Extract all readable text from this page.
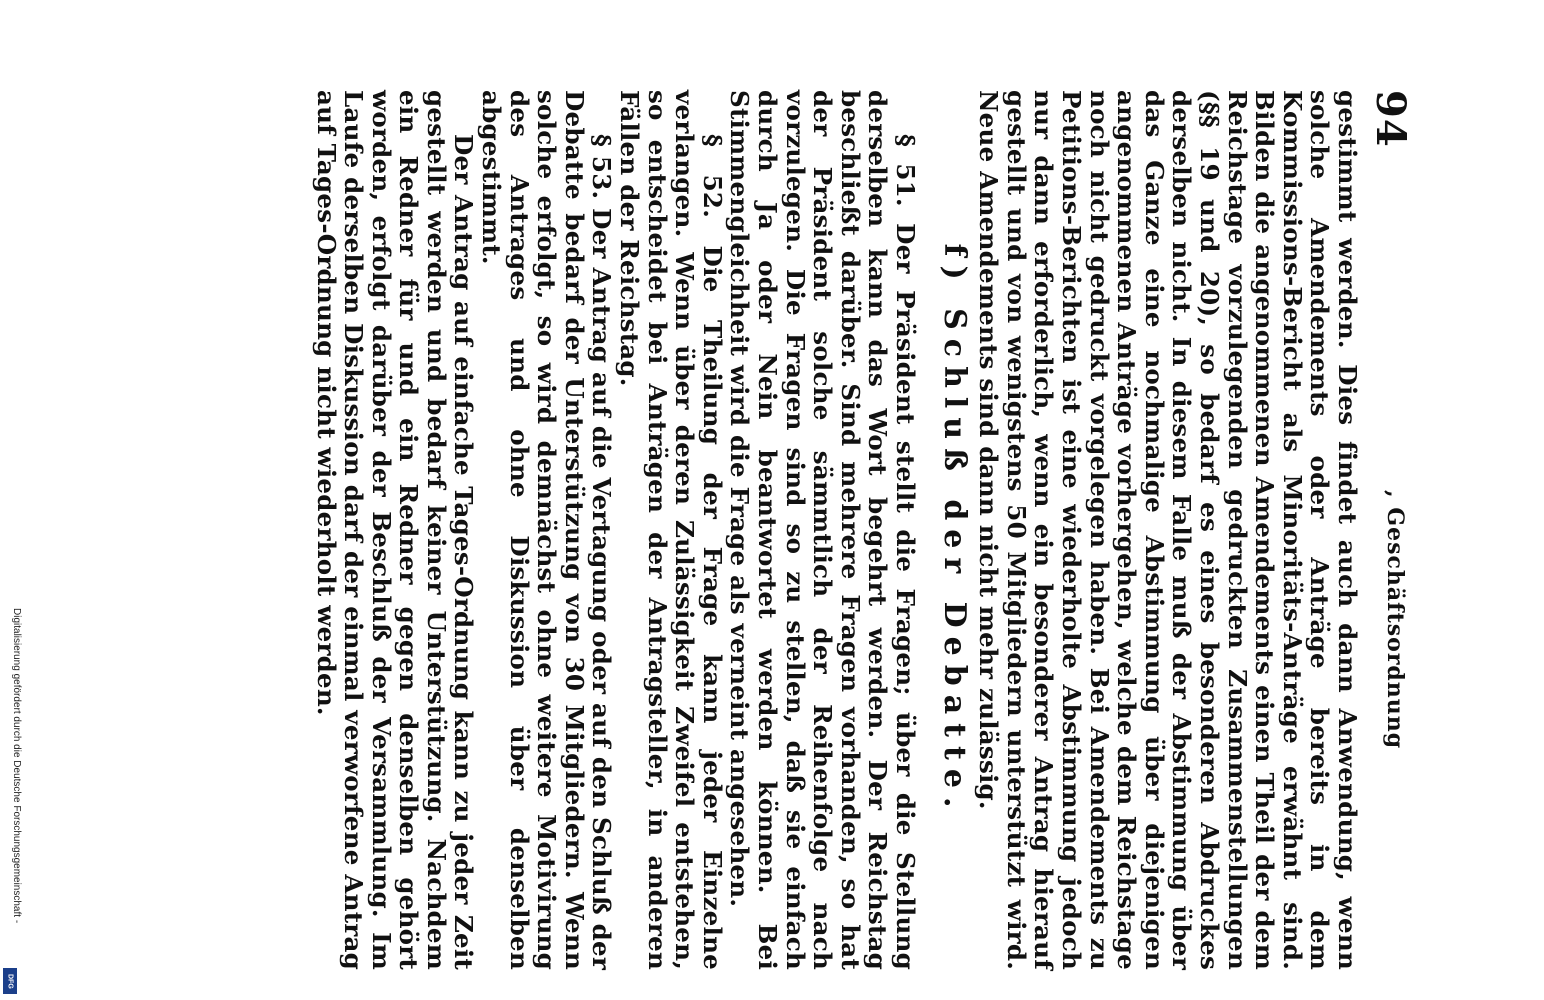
Digitalisierung gefördert durch die Deutsche Forschungsgemeinschaft -
DFG
94
, Geschäftsordnung

gestimmt werden. Dies findet auch dann Anwendung, wenn solche Amendements oder Anträge bereits in dem Kommissions-Bericht als Minoritäts-Anträge erwähnt sind. Bilden die angenommenen Amendements einen Theil der dem Reichstage vorzulegenden gedruckten Zusammenstellungen (§§ 19 und 20), so bedarf es eines besonderen Abdruckes derselben nicht. In diesem Falle muß der Abstimmung über das Ganze eine nochmalige Abstimmung über diejenigen angenommenen Anträge vorhergehen, welche dem Reichstage noch nicht gedruckt vorgelegen haben. Bei Amendements zu Petitions-Berichten ist eine wiederholte Abstimmung jedoch nur dann erforderlich, wenn ein besonderer Antrag hierauf gestellt und von wenigstens 50 Mitgliedern unterstützt wird. Neue Amendements sind dann nicht mehr zulässig.

f) Schluß der Debatte.

§ 51. Der Präsident stellt die Fragen; über die Stellung derselben kann das Wort begehrt werden. Der Reichstag beschließt darüber. Sind mehrere Fragen vorhanden, so hat der Präsident solche sämmtlich der Reihenfolge nach vorzulegen. Die Fragen sind so zu stellen, daß sie einfach durch Ja oder Nein beantwortet werden können. Bei Stimmengleichheit wird die Frage als verneint angesehen.

§ 52. Die Theilung der Frage kann jeder Einzelne verlangen. Wenn über deren Zulässigkeit Zweifel entstehen, so entscheidet bei Anträgen der Antragsteller, in anderen Fällen der Reichstag.

§ 53. Der Antrag auf die Vertagung oder auf den Schluß der Debatte bedarf der Unterstützung von 30 Mitgliedern. Wenn solche erfolgt, so wird demnächst ohne weitere Motivirung des Antrages und ohne Diskussion über denselben abgestimmt.

Der Antrag auf einfache Tages-Ordnung kann zu jeder Zeit gestellt werden und bedarf keiner Unterstützung. Nachdem ein Redner für und ein Redner gegen denselben gehört worden, erfolgt darüber der Beschluß der Versammlung. Im Laufe derselben Diskussion darf der einmal verworfene Antrag auf Tages-Ordnung nicht wiederholt werden.
